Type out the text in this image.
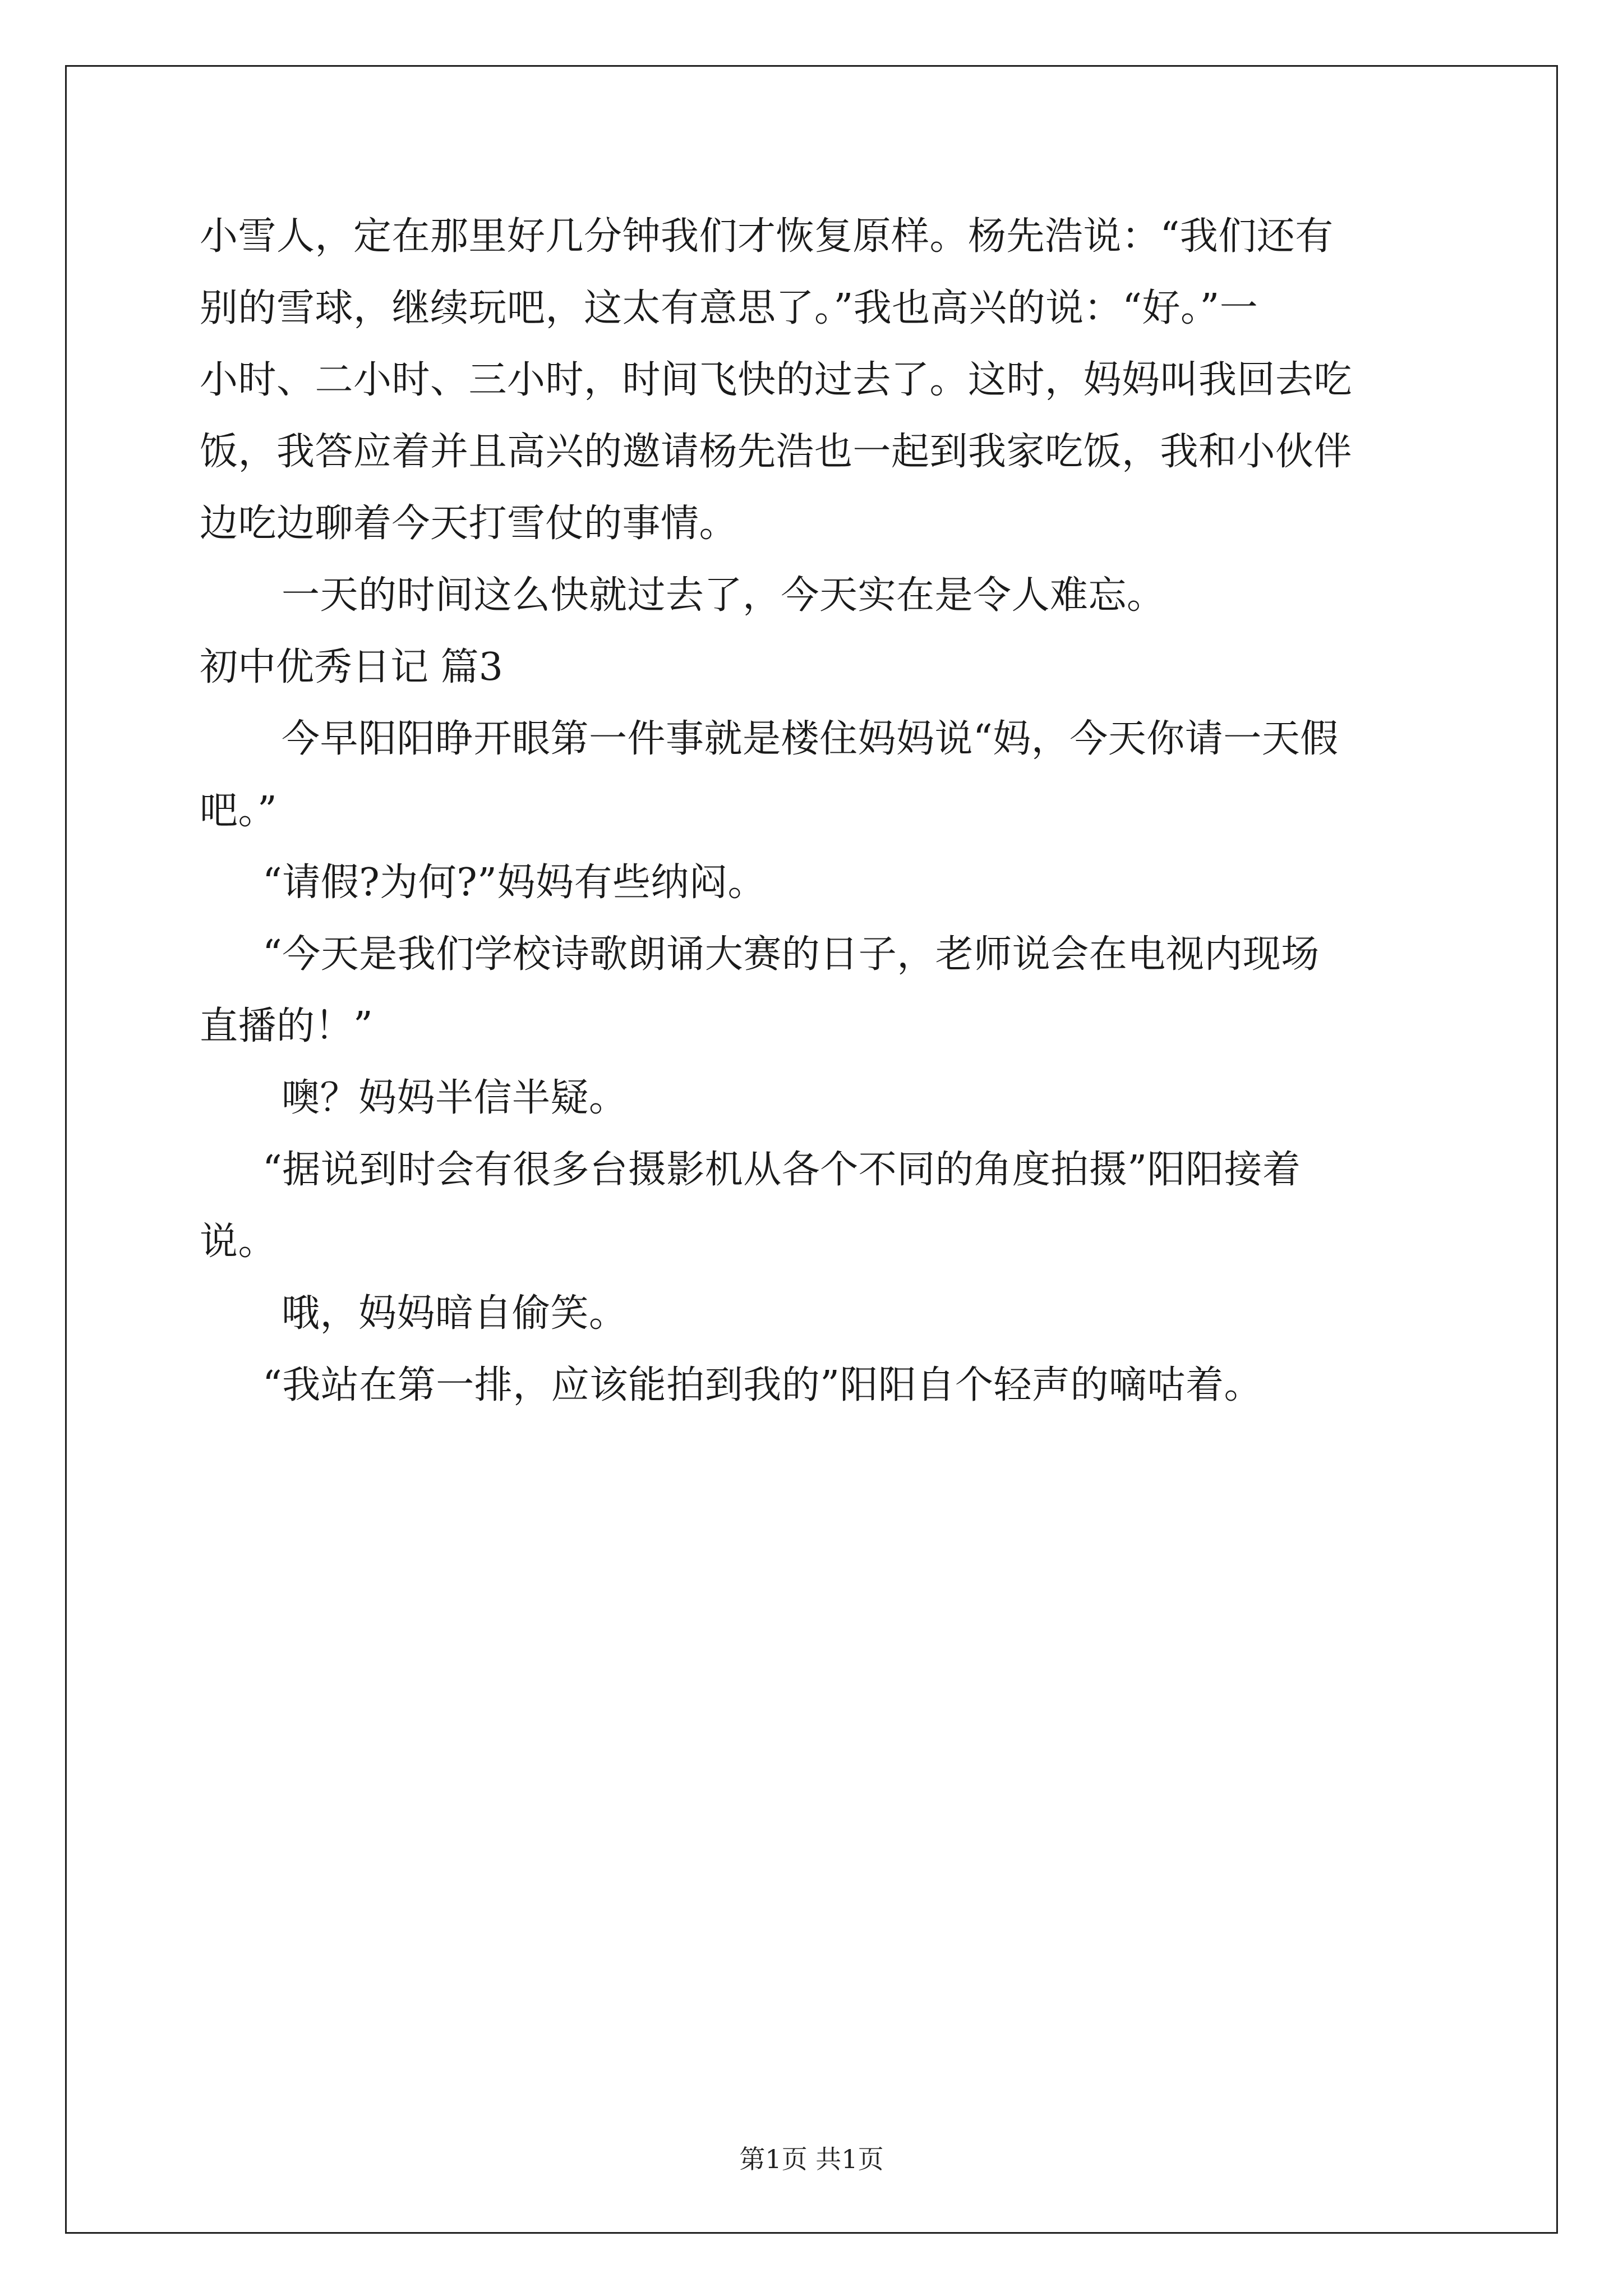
小雪人，定在那里好几分钟我们才恢复原样。杨先浩说：“我们还有
别的雪球，继续玩吧，这太有意思了。”我也高兴的说：“好。”一
小时、二小时、三小时，时间飞快的过去了。这时，妈妈叫我回去吃
饭，我答应着并且高兴的邀请杨先浩也一起到我家吃饭，我和小伙伴
边吃边聊着今天打雪仗的事情。
一天的时间这么快就过去了，今天实在是令人难忘。
初中优秀日记 篇3
今早阳阳睁开眼第一件事就是楼住妈妈说“妈，今天你请一天假
吧。”
“请假?为何?”妈妈有些纳闷。
“今天是我们学校诗歌朗诵大赛的日子，老师说会在电视内现场
直播的！”
噢？妈妈半信半疑。
“据说到时会有很多台摄影机从各个不同的角度拍摄”阳阳接着
说。
哦，妈妈暗自偷笑。
“我站在第一排，应该能拍到我的”阳阳自个轻声的嘀咕着。
第1页 共1页
